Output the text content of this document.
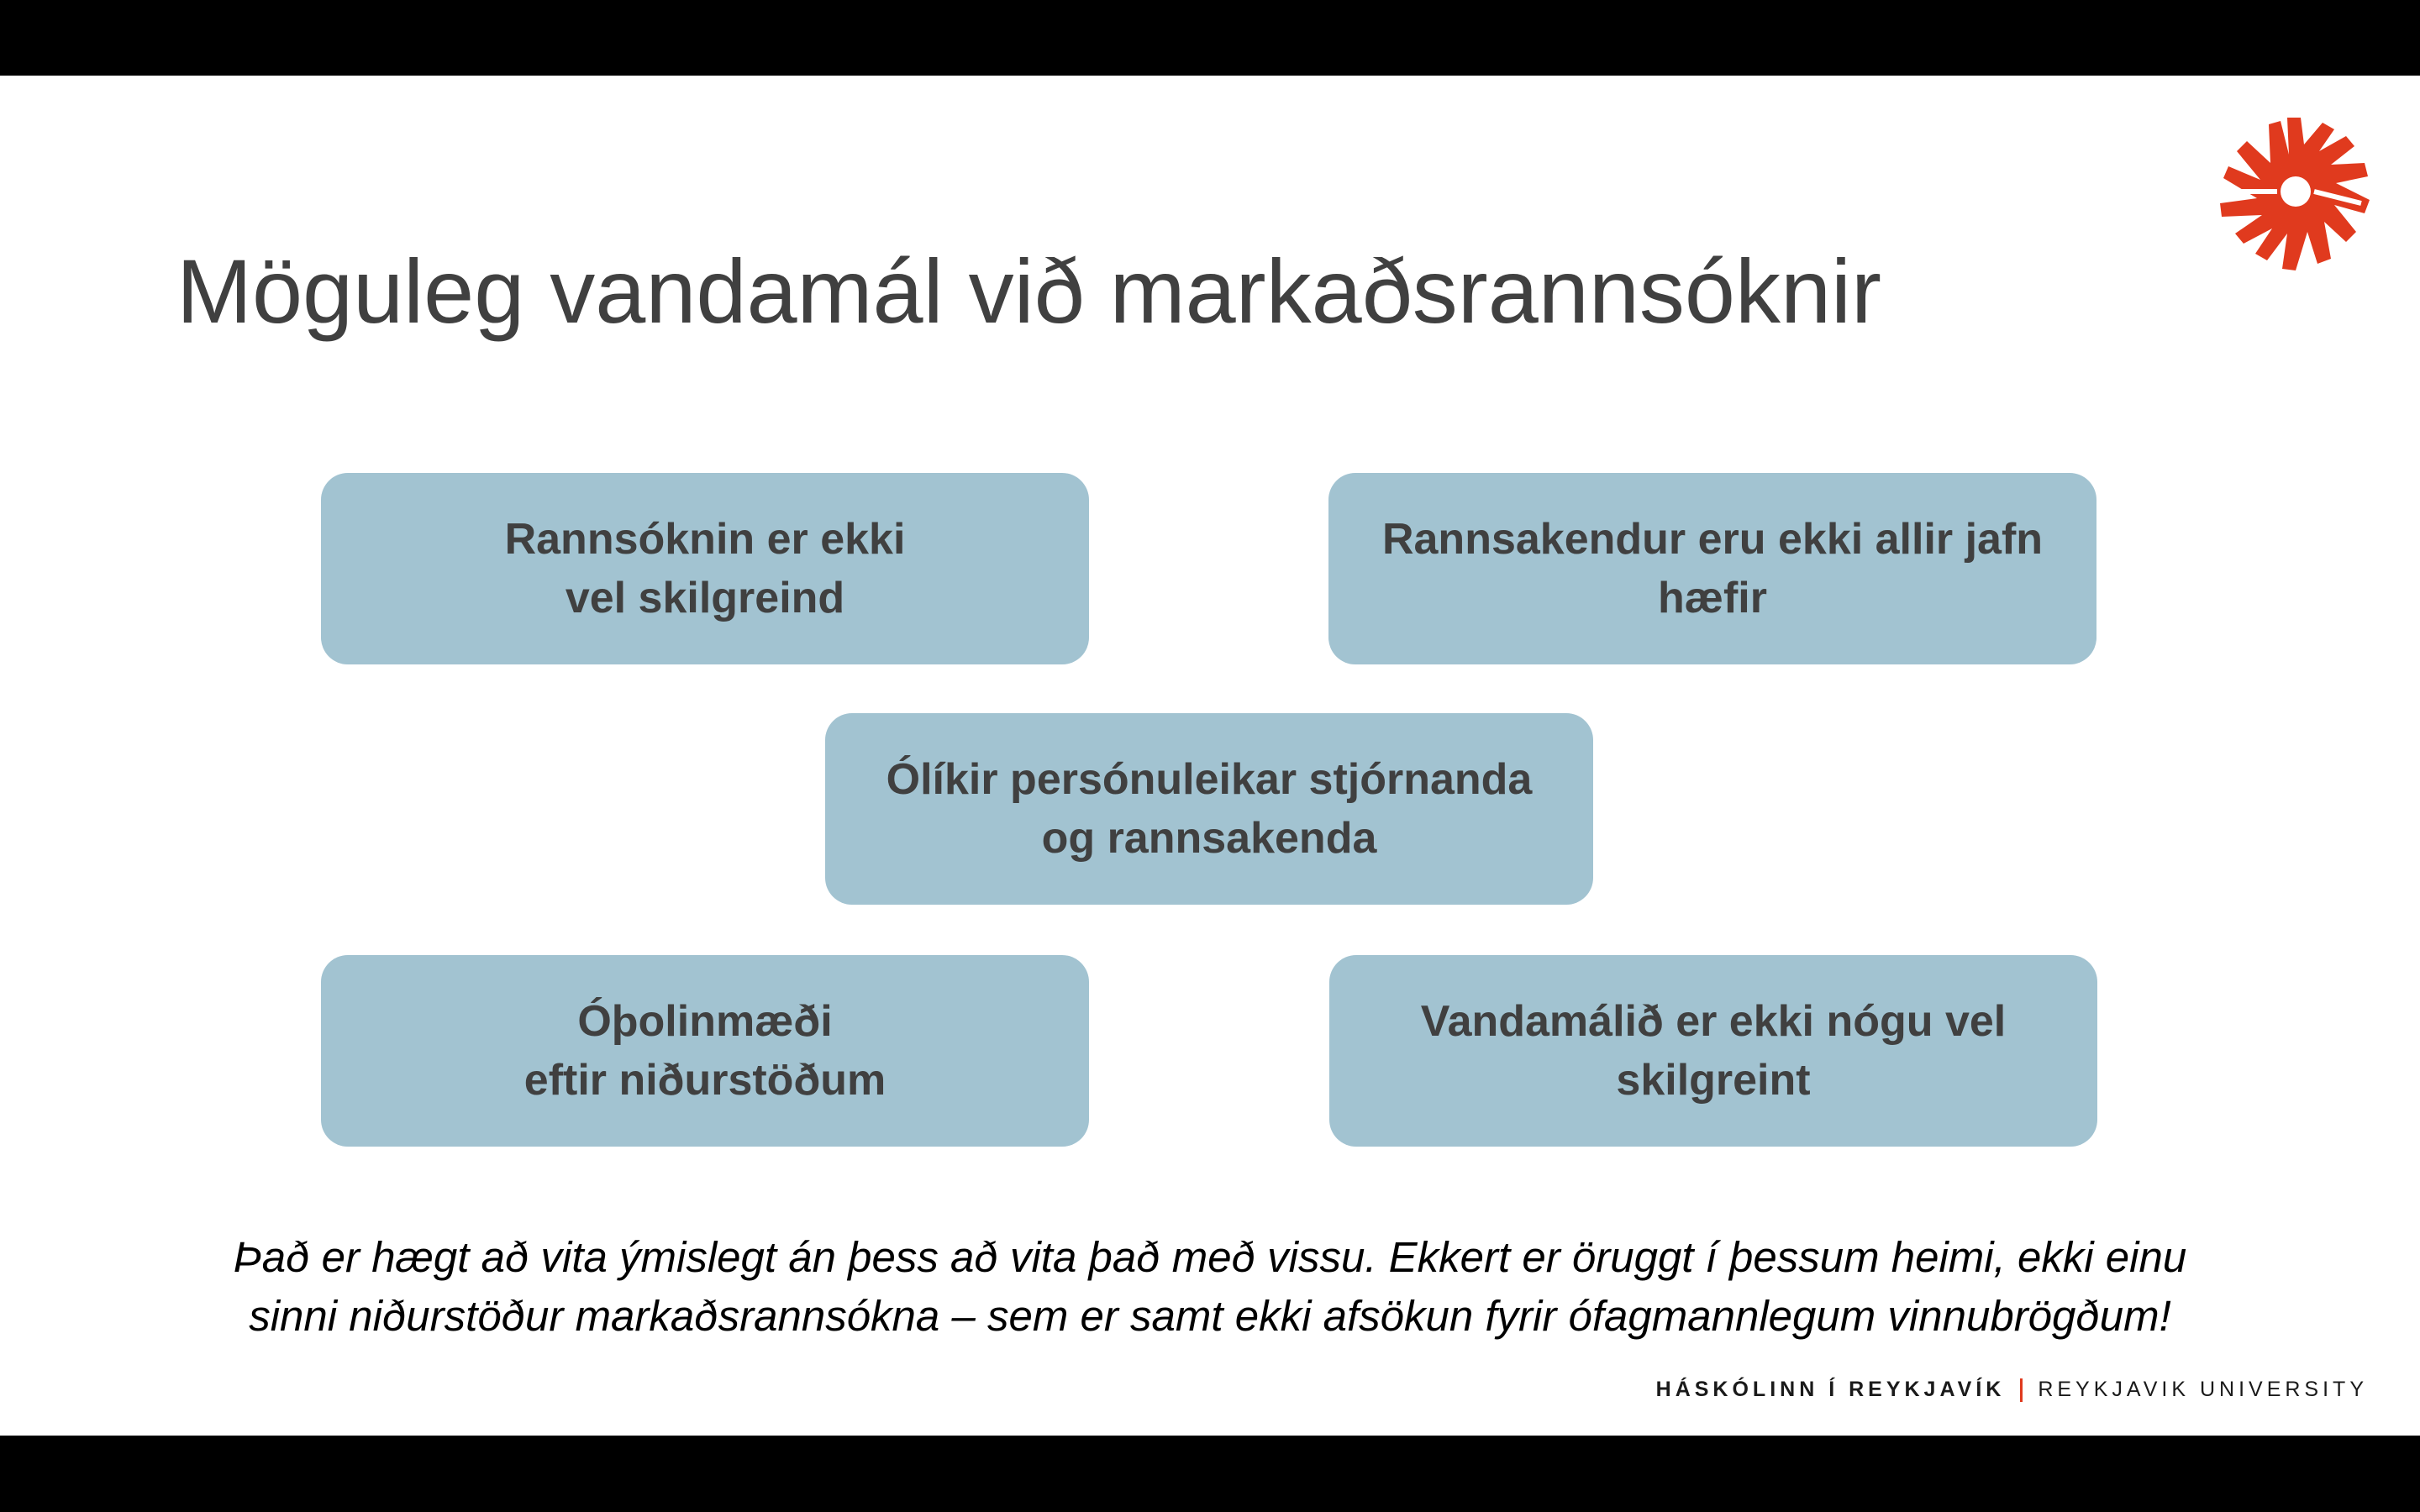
Möguleg vandamál við markaðsrannsóknir
Rannsóknin er ekki
vel skilgreind
Rannsakendur eru ekki allir jafn
hæfir
Ólíkir persónuleikar stjórnanda
og rannsakenda
Óþolinmæði
eftir niðurstöðum
Vandamálið er ekki nógu vel
skilgreint
Það er hægt að vita ýmislegt án þess að vita það með vissu. Ekkert er öruggt í þessum heimi, ekki einu
sinni niðurstöður markaðsrannsókna – sem er samt ekki afsökun fyrir ófagmannlegum vinnubrögðum!
HÁSKÓLINN Í REYKJAVÍK REYKJAVIK UNIVERSITY
